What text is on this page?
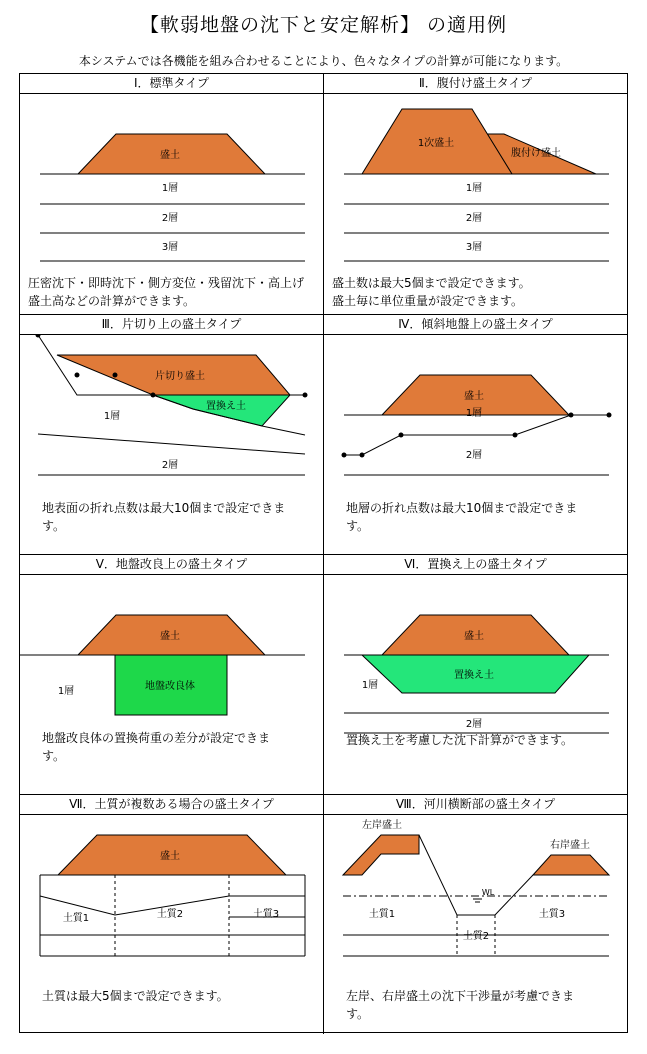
【軟弱地盤の沈下と安定解析】 の適用例
本システムでは各機能を組み合わせることにより、色々なタイプの計算が可能になります。
Ⅰ．標準タイプ
盛土
1層
2層
3層

圧密沈下・即時沈下・側方変位・残留沈下・高上げ

盛土高などの計算ができます。

Ⅱ．腹付け盛土タイプ
1次盛土
腹付け盛土
1層
2層
3層

盛土数は最大5個まで設定できます。

盛土毎に単位重量が設定できます。

Ⅲ．片切り上の盛土タイプ
片切り盛土
置換え土
1層
2層

地表面の折れ点数は最大10個まで設定できま

す。

Ⅳ．傾斜地盤上の盛土タイプ
盛土
1層
2層

地層の折れ点数は最大10個まで設定できま

す。

Ⅴ．地盤改良上の盛土タイプ
盛土
地盤改良体
1層

地盤改良体の置換荷重の差分が設定できま

す。

Ⅵ．置換え上の盛土タイプ
盛土
置換え土
1層
2層

置換え土を考慮した沈下計算ができます。

Ⅶ．土質が複数ある場合の盛土タイプ
盛土
土質1	土質2	土質3

土質は最大5個まで設定できます。

Ⅷ．河川横断部の盛土タイプ
左岸盛土
右岸盛土
WL
土質1
土質2
土質3

左岸、右岸盛土の沈下干渉量が考慮できま

す。
